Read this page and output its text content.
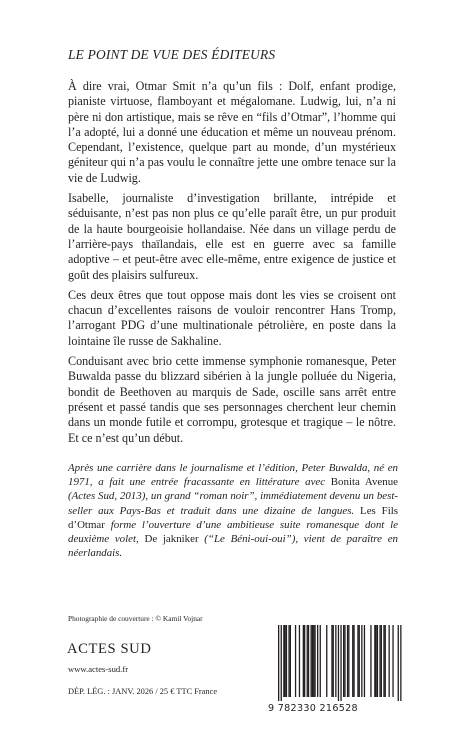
LE POINT DE VUE DES ÉDITEURS

À dire vrai, Otmar Smit n’a qu’un fils : Dolf, enfant prodige, pianiste virtuose, flamboyant et mégalomane. Ludwig, lui, n’a ni père ni don artistique, mais se rêve en “fils d’Otmar”, l’homme qui l’a adopté, lui a donné une éducation et même un nouveau prénom. Cependant, l’existence, quelque part au monde, d’un mystérieux géniteur qui n’a pas voulu le connaître jette une ombre tenace sur la vie de Ludwig.

Isabelle, journaliste d’investigation brillante, intrépide et séduisante, n’est pas non plus ce qu’elle paraît être, un pur produit de la haute bourgeoisie hollandaise. Née dans un village perdu de l’arrière-pays thaïlandais, elle est en guerre avec sa famille adoptive – et peut-être avec elle-même, entre exigence de justice et goût des plaisirs sulfureux.

Ces deux êtres que tout oppose mais dont les vies se croisent ont chacun d’excellentes raisons de vouloir rencontrer Hans Tromp, l’arrogant PDG d’une multinationale pétrolière, en poste dans la lointaine île russe de Sakhaline.

Conduisant avec brio cette immense symphonie romanesque, Peter Buwalda passe du blizzard sibérien à la jungle polluée du Nigeria, bondit de Beethoven au marquis de Sade, oscille sans arrêt entre présent et passé tandis que ses personnages cherchent leur chemin dans un monde futile et corrompu, grotesque et tragique – le nôtre. Et ce n’est qu’un début.

Après une carrière dans le journalisme et l’édition, Peter Buwalda, né en 1971, a fait une entrée fracassante en littérature avec Bonita Avenue (Actes Sud, 2013), un grand “roman noir”, immédiatement devenu un best-seller aux Pays-Bas et traduit dans une dizaine de langues. Les Fils d’Otmar forme l’ouverture d’une ambitieuse suite romanesque dont le deuxième volet, De jakniker (“Le Béni-oui-oui”), vient de paraître en néerlandais.
Photographie de couverture : © Kamil Vojnar
ACTES SUD
www.actes-sud.fr
DÉP. LÉG. : JANV. 2026 / 25 € TTC France
9 782330 216528
